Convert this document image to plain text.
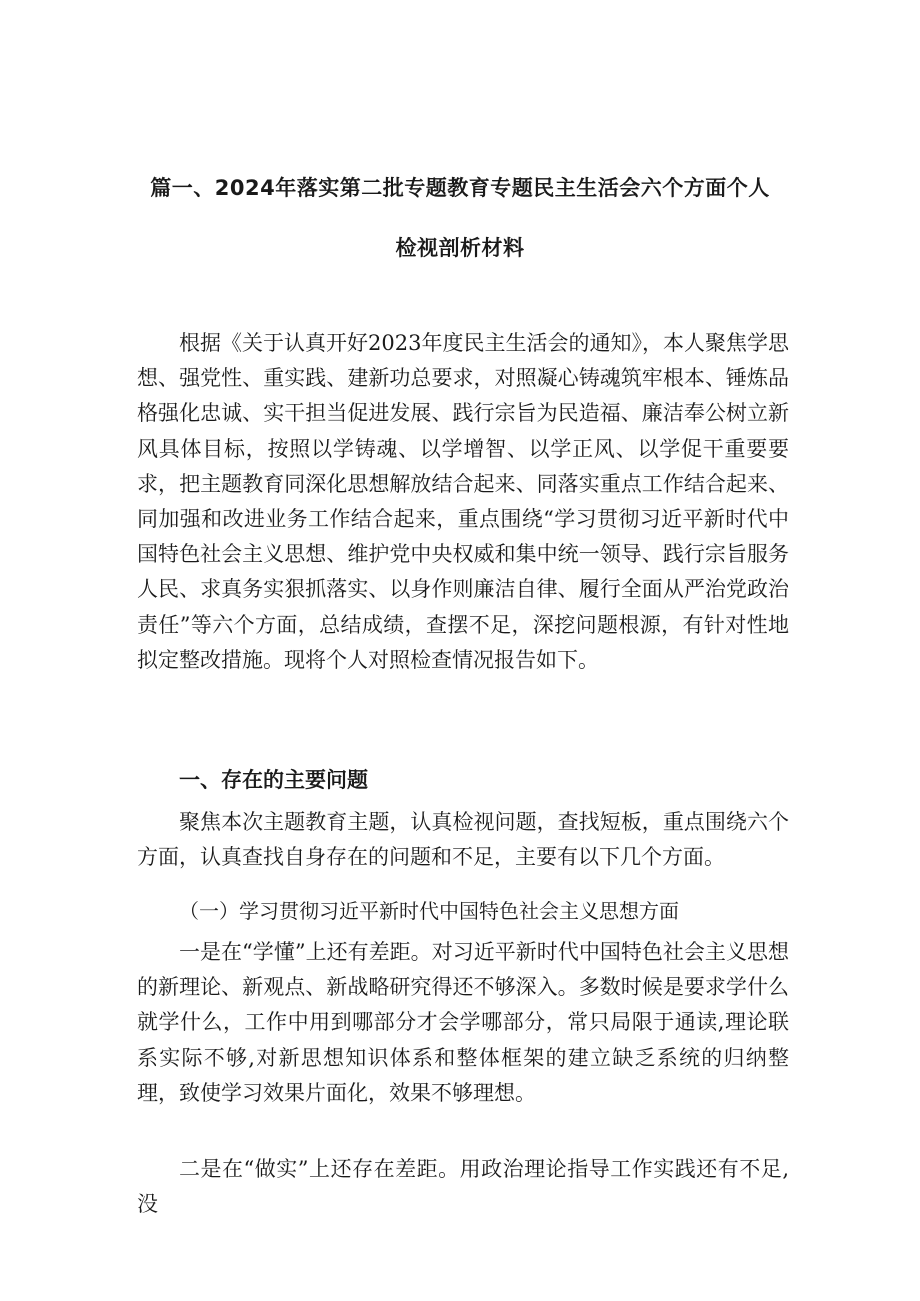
篇一、2024年落实第二批专题教育专题民主生活会六个方面个人
检视剖析材料

根据《关于认真开好2023年度民主生活会的通知》，本人聚焦学思想、强党性、重实践、建新功总要求，对照凝心铸魂筑牢根本、锤炼品格强化忠诚、实干担当促进发展、践行宗旨为民造福、廉洁奉公树立新风具体目标，按照以学铸魂、以学增智、以学正风、以学促干重要要求，把主题教育同深化思想解放结合起来、同落实重点工作结合起来、同加强和改进业务工作结合起来，重点围绕“学习贯彻习近平新时代中国特色社会主义思想、维护党中央权威和集中统一领导、践行宗旨服务人民、求真务实狠抓落实、以身作则廉洁自律、履行全面从严治党政治责任”等六个方面，总结成绩，查摆不足，深挖问题根源，有针对性地拟定整改措施。现将个人对照检查情况报告如下。

一、存在的主要问题

聚焦本次主题教育主题，认真检视问题，查找短板，重点围绕六个方面，认真查找自身存在的问题和不足，主要有以下几个方面。

（一）学习贯彻习近平新时代中国特色社会主义思想方面

一是在“学懂”上还有差距。对习近平新时代中国特色社会主义思想的新理论、新观点、新战略研究得还不够深入。多数时候是要求学什么就学什么，工作中用到哪部分才会学哪部分，常只局限于通读,理论联系实际不够,对新思想知识体系和整体框架的建立缺乏系统的归纳整理，致使学习效果片面化，效果不够理想。

二是在“做实”上还存在差距。用政治理论指导工作实践还有不足,没
